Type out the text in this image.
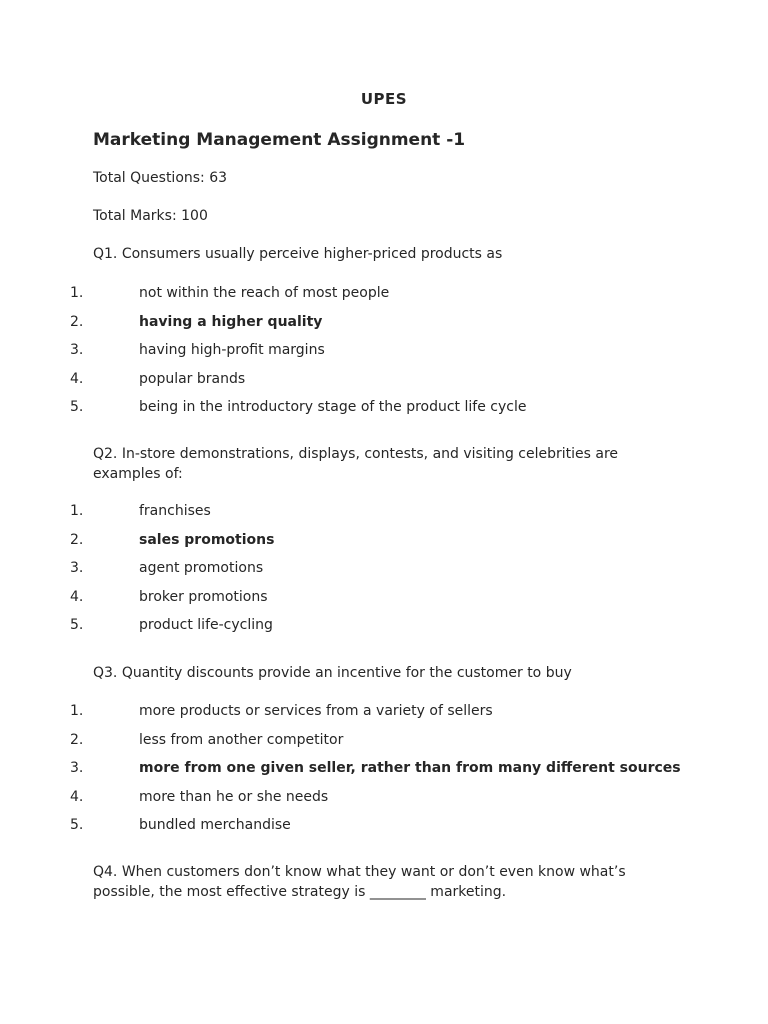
UPES
Marketing Management Assignment -1

Total Questions: 63

Total Marks: 100

Q1. Consumers usually perceive higher-priced products as

1.	not within the reach of most people
2.	having a higher quality
3.	having high-profit margins
4.	popular brands
5.	being in the introductory stage of the product life cycle

Q2. In-store demonstrations, displays, contests, and visiting celebrities are examples of:

1.	franchises
2.	sales promotions
3.	agent promotions
4.	broker promotions
5.	product life-cycling

Q3. Quantity discounts provide an incentive for the customer to buy

1.	more products or services from a variety of sellers
2.	less from another competitor
3.	more from one given seller, rather than from many different sources
4.	more than he or she needs
5.	bundled merchandise

Q4. When customers don’t know what they want or don’t even know what’s possible, the most effective strategy is ________ marketing.
